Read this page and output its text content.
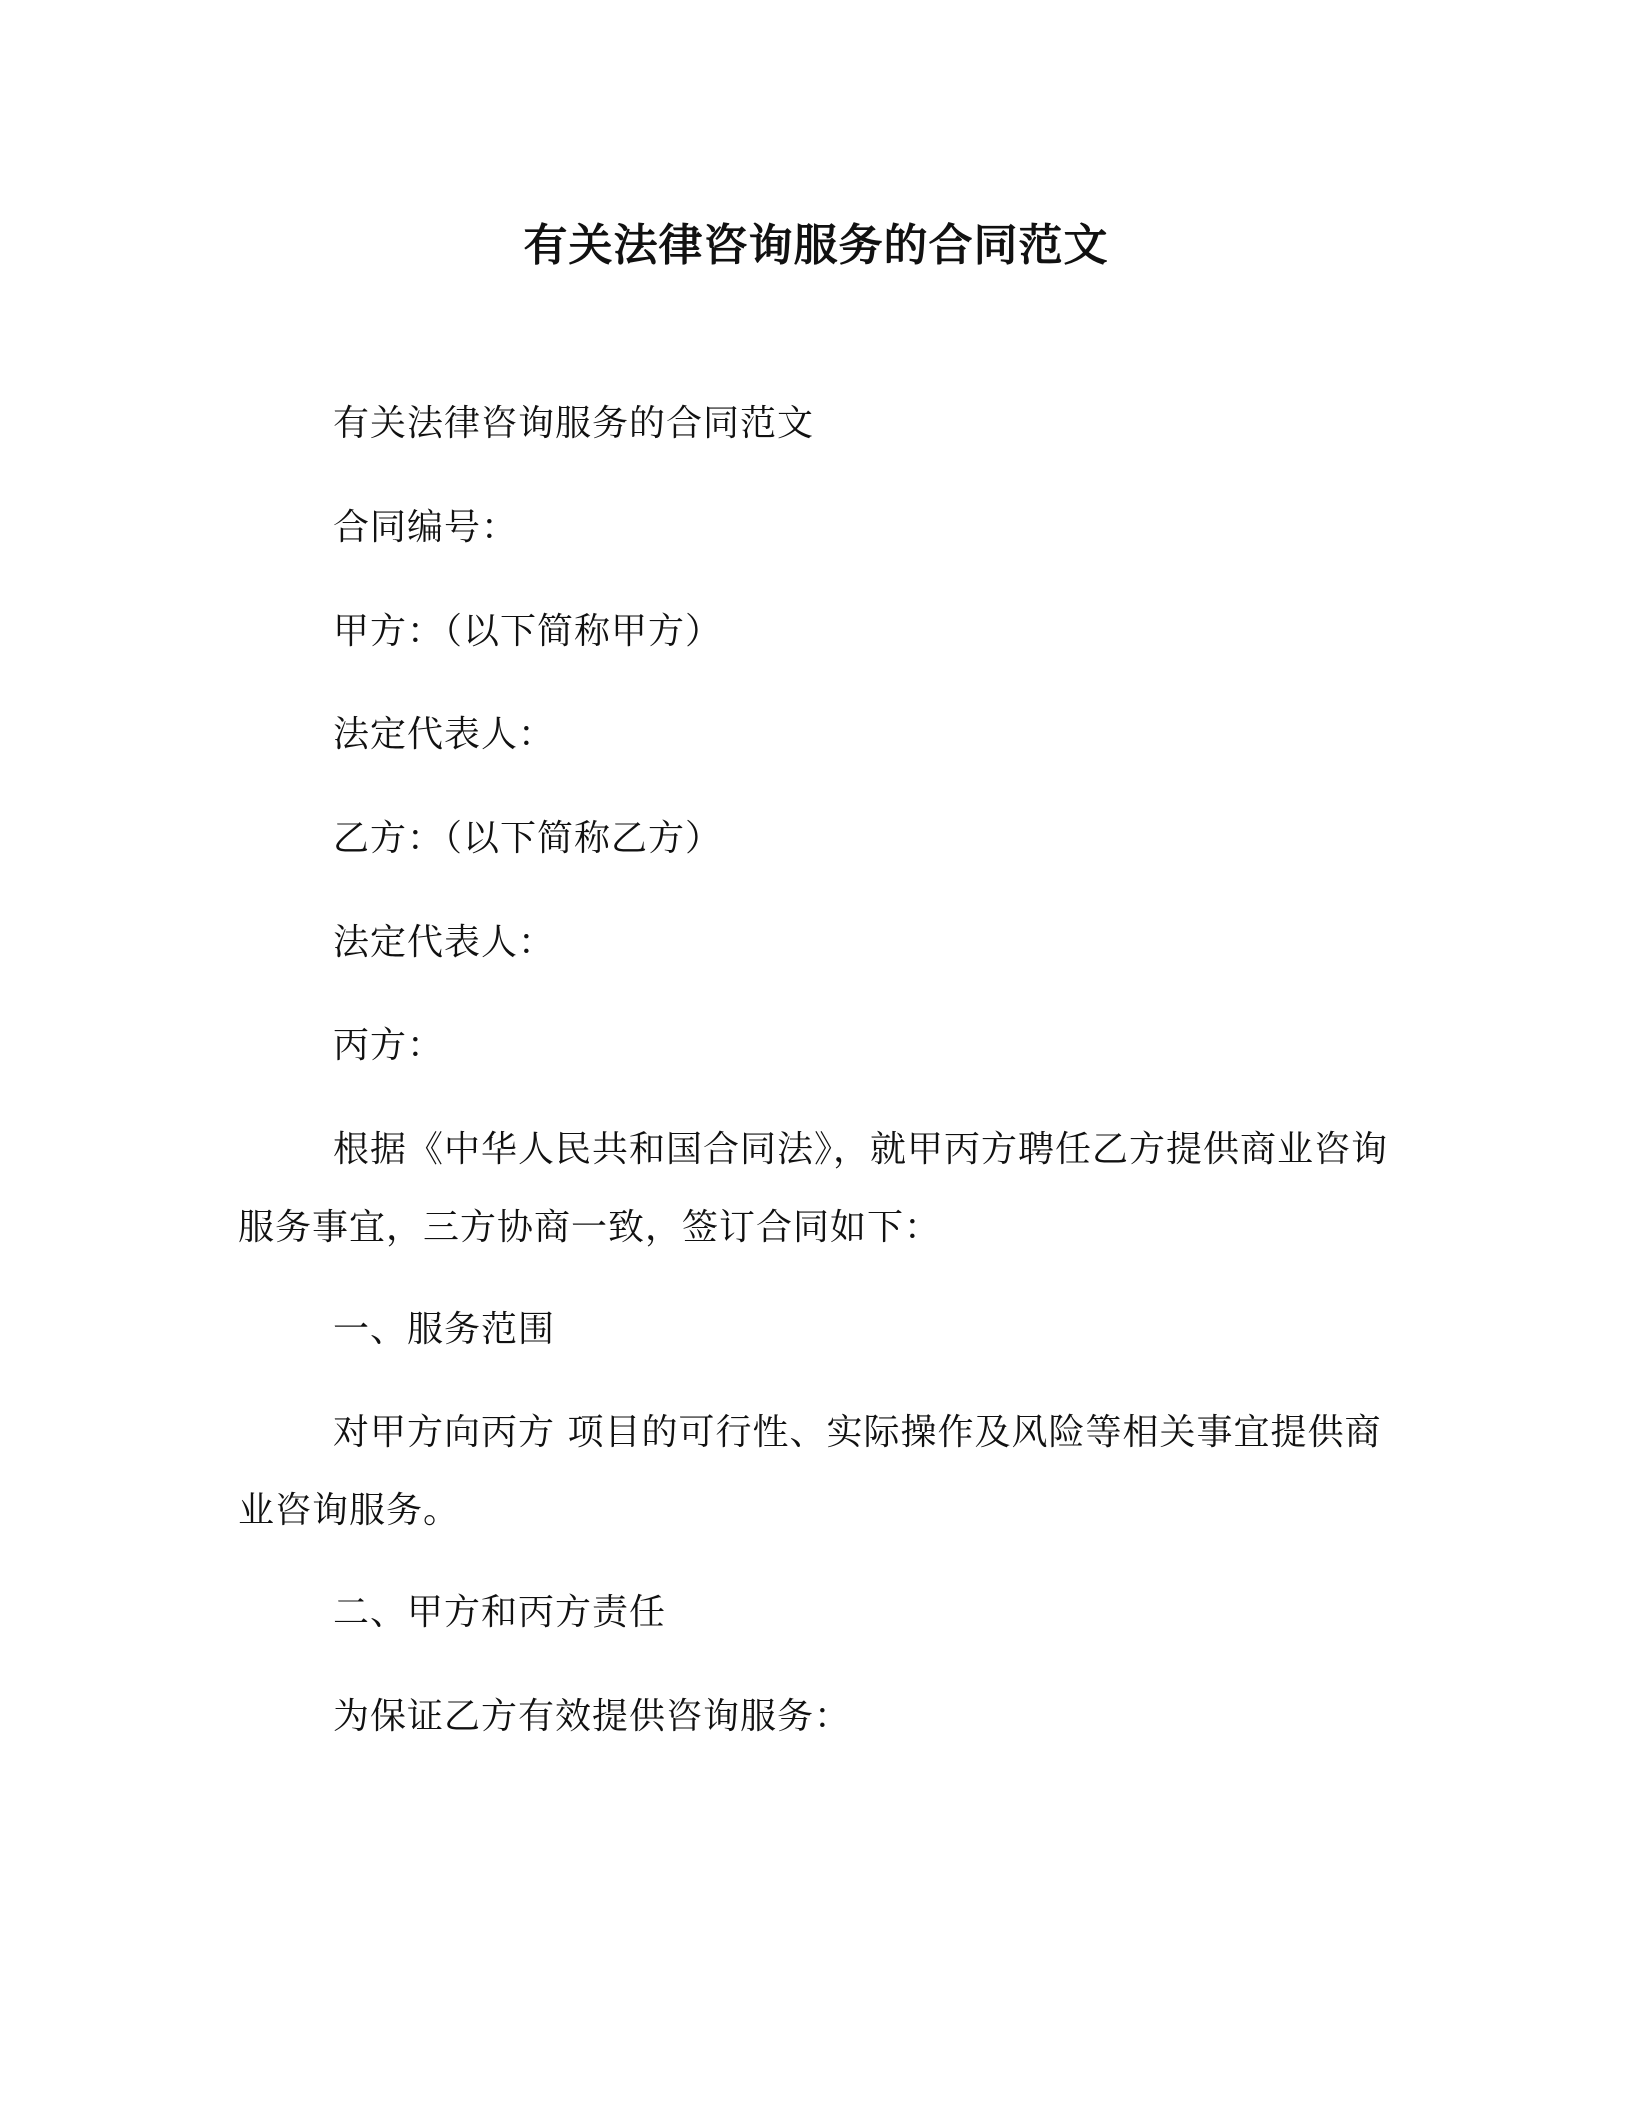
有关法律咨询服务的合同范文

有关法律咨询服务的合同范文

合同编号：

甲方：（以下简称甲方）

法定代表人：

乙方：（以下简称乙方）

法定代表人：

丙方：

根据《中华人民共和国合同法》，就甲丙方聘任乙方提供商业咨询服务事宜，三方协商一致，签订合同如下：

一、服务范围

对甲方向丙方 项目的可行性、实际操作及风险等相关事宜提供商业咨询服务。

二、甲方和丙方责任

为保证乙方有效提供咨询服务：
